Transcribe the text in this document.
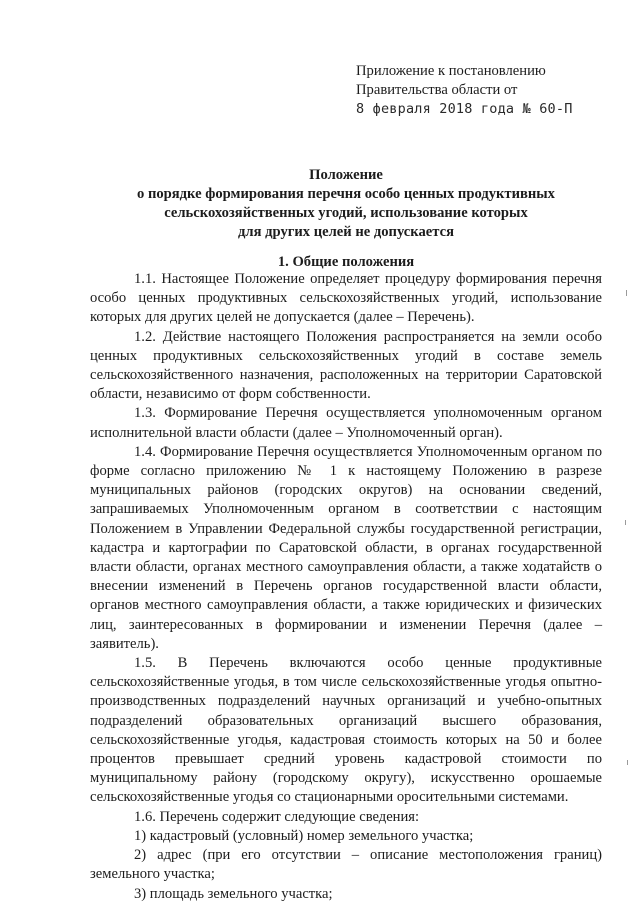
Приложение к постановлению
Правительства области от
8 февраля 2018 года № 60-П
Положение
о порядке формирования перечня особо ценных продуктивных
сельскохозяйственных угодий, использование которых
для других целей не допускается
1. Общие положения

1.1. Настоящее Положение определяет процедуру формирования перечня особо ценных продуктивных сельскохозяйственных угодий, использование которых для других целей не допускается (далее – Перечень).

1.2. Действие настоящего Положения распространяется на земли особо ценных продуктивных сельскохозяйственных угодий в составе земель сельскохозяйственного назначения, расположенных на территории Саратовской области, независимо от форм собственности.

1.3. Формирование Перечня осуществляется уполномоченным органом исполнительной власти области (далее – Уполномоченный орган).

1.4. Формирование Перечня осуществляется Уполномоченным органом по форме согласно приложению № 1 к настоящему Положению в разрезе муниципальных районов (городских округов) на основании сведений, запрашиваемых Уполномоченным органом в соответствии с настоящим Положением в Управлении Федеральной службы государственной регистрации, кадастра и картографии по Саратовской области, в органах государственной власти области, органах местного самоуправления области, а также ходатайств о внесении изменений в Перечень органов государственной власти области, органов местного самоуправления области, а также юридических и физических лиц, заинтересованных в формировании и изменении Перечня (далее – заявитель).

1.5. В Перечень включаются особо ценные продуктивные сельскохозяйственные угодья, в том числе сельскохозяйственные угодья опытно-производственных подразделений научных организаций и учебно-опытных подразделений образовательных организаций высшего образования, сельскохозяйственные угодья, кадастровая стоимость которых на 50 и более процентов превышает средний уровень кадастровой стоимости по муниципальному району (городскому округу), искусственно орошаемые сельскохозяйственные угодья со стационарными оросительными системами.

1.6. Перечень содержит следующие сведения:

1) кадастровый (условный) номер земельного участка;

2) адрес (при его отсутствии – описание местоположения границ) земельного участка;

3) площадь земельного участка;
